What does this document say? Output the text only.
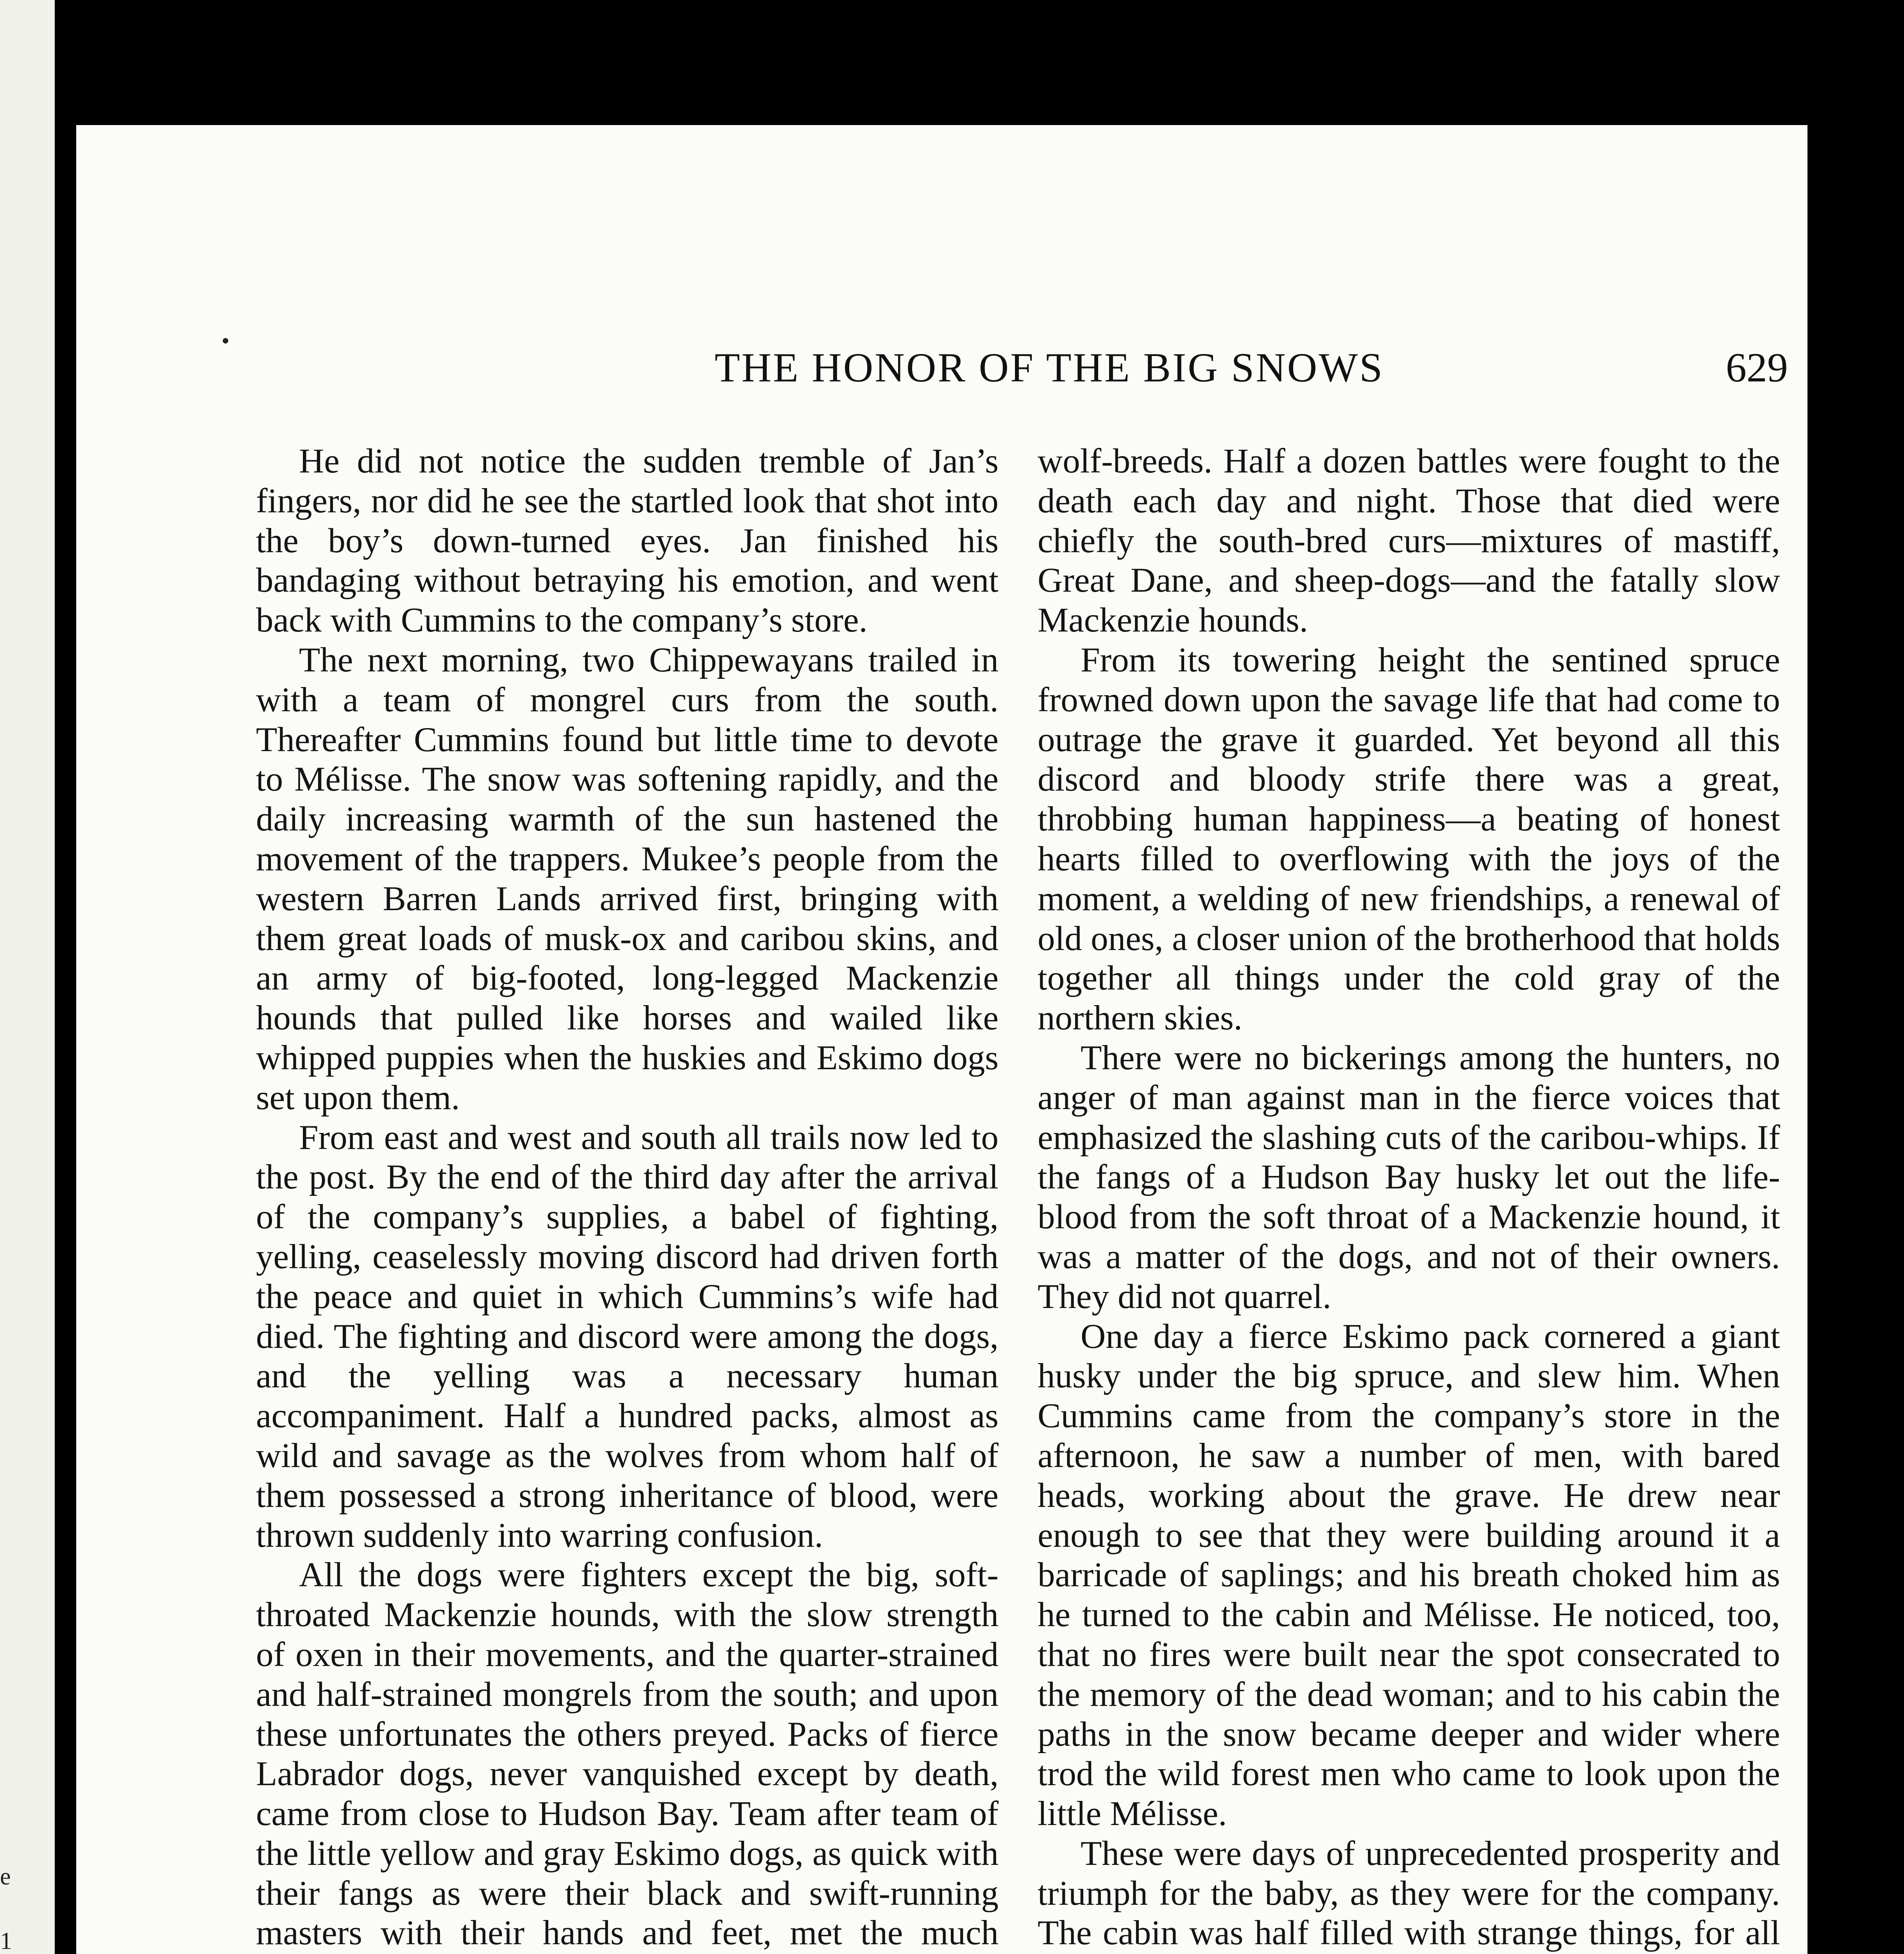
e
1
THE HONOR OF THE BIG SNOWS	629

He did not notice the sudden tremble of Jan’s fingers, nor did he see the startled look that shot into the boy’s down-turned eyes. Jan finished his bandaging without betraying his emotion, and went back with Cummins to the company’s store.

The next morning, two Chippewayans trailed in with a team of mongrel curs from the south. Thereafter Cummins found but little time to devote to Mélisse. The snow was softening rapidly, and the daily increasing warmth of the sun hastened the movement of the trappers. Mukee’s people from the western Barren Lands arrived first, bringing with them great loads of musk-ox and caribou skins, and an army of big-footed, long-legged Mackenzie hounds that pulled like horses and wailed like whipped puppies when the huskies and Eskimo dogs set upon them.

From east and west and south all trails now led to the post. By the end of the third day after the arrival of the company’s supplies, a babel of fighting, yelling, ceaselessly moving discord had driven forth the peace and quiet in which Cummins’s wife had died. The fighting and discord were among the dogs, and the yelling was a necessary human accompaniment. Half a hundred packs, almost as wild and savage as the wolves from whom half of them possessed a strong inheritance of blood, were thrown suddenly into warring confusion.

All the dogs were fighters except the big, soft-throated Mackenzie hounds, with the slow strength of oxen in their movements, and the quarter-strained and half-strained mongrels from the south; and upon these unfortunates the others preyed. Packs of fierce Labrador dogs, never vanquished except by death, came from close to Hudson Bay. Team after team of the little yellow and gray Eskimo dogs, as quick with their fangs as were their black and swift-running masters with their hands and feet, met the much

wolf-breeds. Half a dozen battles were fought to the death each day and night. Those that died were chiefly the south-bred curs—mixtures of mastiff, Great Dane, and sheep-dogs—and the fatally slow Mackenzie hounds.

From its towering height the sentined spruce frowned down upon the savage life that had come to outrage the grave it guarded. Yet beyond all this discord and bloody strife there was a great, throbbing human happiness—a beating of honest hearts filled to overflowing with the joys of the moment, a welding of new friendships, a renewal of old ones, a closer union of the brotherhood that holds together all things under the cold gray of the northern skies.

There were no bickerings among the hunters, no anger of man against man in the fierce voices that emphasized the slashing cuts of the caribou-whips. If the fangs of a Hudson Bay husky let out the life-blood from the soft throat of a Mackenzie hound, it was a matter of the dogs, and not of their owners. They did not quarrel.

One day a fierce Eskimo pack cornered a giant husky under the big spruce, and slew him. When Cummins came from the company’s store in the afternoon, he saw a number of men, with bared heads, working about the grave. He drew near enough to see that they were building around it a barricade of saplings; and his breath choked him as he turned to the cabin and Mélisse. He noticed, too, that no fires were built near the spot consecrated to the memory of the dead woman; and to his cabin the paths in the snow became deeper and wider where trod the wild forest men who came to look upon the little Mélisse.

These were days of unprecedented prosperity and triumph for the baby, as they were for the company. The cabin was half filled with strange things, for all
